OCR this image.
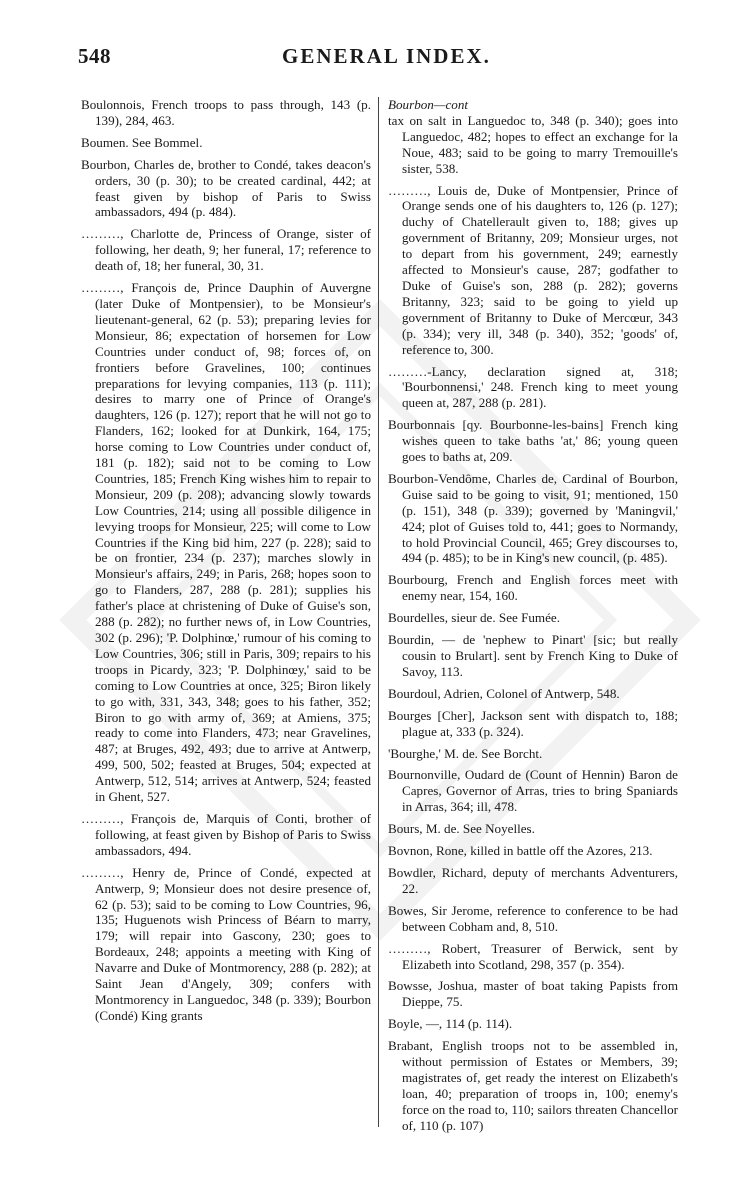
548	GENERAL INDEX.

Boulonnois, French troops to pass through, 143 (p. 139), 284, 463.

Boumen. See Bommel.

Bourbon, Charles de, brother to Condé, takes deacon's orders, 30 (p. 30); to be created cardinal, 442; at feast given by bishop of Paris to Swiss ambassadors, 494 (p. 484).

………, Charlotte de, Princess of Orange, sister of following, her death, 9; her funeral, 17; reference to death of, 18; her funeral, 30, 31.

………, François de, Prince Dauphin of Auvergne (later Duke of Montpensier), to be Monsieur's lieutenant-general, 62 (p. 53); preparing levies for Monsieur, 86; expectation of horsemen for Low Countries under conduct of, 98; forces of, on frontiers before Gravelines, 100; continues preparations for levying companies, 113 (p. 111); desires to marry one of Prince of Orange's daughters, 126 (p. 127); report that he will not go to Flanders, 162; looked for at Dunkirk, 164, 175; horse coming to Low Countries under conduct of, 181 (p. 182); said not to be coming to Low Countries, 185; French King wishes him to repair to Monsieur, 209 (p. 208); advancing slowly towards Low Countries, 214; using all possible diligence in levying troops for Monsieur, 225; will come to Low Countries if the King bid him, 227 (p. 228); said to be on frontier, 234 (p. 237); marches slowly in Monsieur's affairs, 249; in Paris, 268; hopes soon to go to Flanders, 287, 288 (p. 281); supplies his father's place at christening of Duke of Guise's son, 288 (p. 282); no further news of, in Low Countries, 302 (p. 296); 'P. Dolphinœ,' rumour of his coming to Low Countries, 306; still in Paris, 309; repairs to his troops in Picardy, 323; 'P. Dolphinœy,' said to be coming to Low Countries at once, 325; Biron likely to go with, 331, 343, 348; goes to his father, 352; Biron to go with army of, 369; at Amiens, 375; ready to come into Flanders, 473; near Gravelines, 487; at Bruges, 492, 493; due to arrive at Antwerp, 499, 500, 502; feasted at Bruges, 504; expected at Antwerp, 512, 514; arrives at Antwerp, 524; feasted in Ghent, 527.

………, François de, Marquis of Conti, brother of following, at feast given by Bishop of Paris to Swiss ambassadors, 494.

………, Henry de, Prince of Condé, expected at Antwerp, 9; Monsieur does not desire presence of, 62 (p. 53); said to be coming to Low Countries, 96, 135; Huguenots wish Princess of Béarn to marry, 179; will repair into Gascony, 230; goes to Bordeaux, 248; appoints a meeting with King of Navarre and Duke of Montmorency, 288 (p. 282); at Saint Jean d'Angely, 309; confers with Montmorency in Languedoc, 348 (p. 339); Bourbon (Condé) King grants

Bourbon—cont

tax on salt in Languedoc to, 348 (p. 340); goes into Languedoc, 482; hopes to effect an exchange for la Noue, 483; said to be going to marry Tremouille's sister, 538.

………, Louis de, Duke of Montpensier, Prince of Orange sends one of his daughters to, 126 (p. 127); duchy of Chatellerault given to, 188; gives up government of Britanny, 209; Monsieur urges, not to depart from his government, 249; earnestly affected to Monsieur's cause, 287; godfather to Duke of Guise's son, 288 (p. 282); governs Britanny, 323; said to be going to yield up government of Britanny to Duke of Mercœur, 343 (p. 334); very ill, 348 (p. 340), 352; 'goods' of, reference to, 300.

………-Lancy, declaration signed at, 318; 'Bourbonnensi,' 248. French king to meet young queen at, 287, 288 (p. 281).

Bourbonnais [qy. Bourbonne-les-bains] French king wishes queen to take baths 'at,' 86; young queen goes to baths at, 209.

Bourbon-Vendôme, Charles de, Cardinal of Bourbon, Guise said to be going to visit, 91; mentioned, 150 (p. 151), 348 (p. 339); governed by 'Maningvil,' 424; plot of Guises told to, 441; goes to Normandy, to hold Provincial Council, 465; Grey discourses to, 494 (p. 485); to be in King's new council, (p. 485).

Bourbourg, French and English forces meet with enemy near, 154, 160.

Bourdelles, sieur de. See Fumée.

Bourdin, — de 'nephew to Pinart' [sic; but really cousin to Brulart]. sent by French King to Duke of Savoy, 113.

Bourdoul, Adrien, Colonel of Antwerp, 548.

Bourges [Cher], Jackson sent with dispatch to, 188; plague at, 333 (p. 324).

'Bourghe,' M. de. See Borcht.

Bournonville, Oudard de (Count of Hennin) Baron de Capres, Governor of Arras, tries to bring Spaniards in Arras, 364; ill, 478.

Bours, M. de. See Noyelles.

Bovnon, Rone, killed in battle off the Azores, 213.

Bowdler, Richard, deputy of merchants Adventurers, 22.

Bowes, Sir Jerome, reference to conference to be had between Cobham and, 8, 510.

………, Robert, Treasurer of Berwick, sent by Elizabeth into Scotland, 298, 357 (p. 354).

Bowsse, Joshua, master of boat taking Papists from Dieppe, 75.

Boyle, —, 114 (p. 114).

Brabant, English troops not to be assembled in, without permission of Estates or Members, 39; magistrates of, get ready the interest on Elizabeth's loan, 40; preparation of troops in, 100; enemy's force on the road to, 110; sailors threaten Chancellor of, 110 (p. 107)
